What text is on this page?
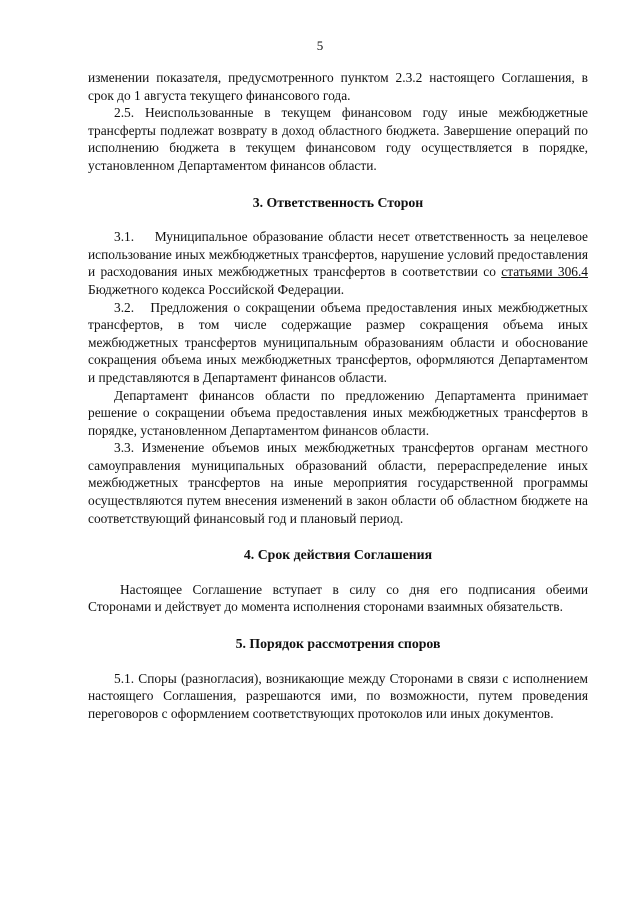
5

изменении показателя, предусмотренного пунктом 2.3.2 настоящего Соглашения, в срок до 1 августа текущего финансового года.

2.5. Неиспользованные в текущем финансовом году иные межбюджетные трансферты подлежат возврату в доход областного бюджета. Завершение операций по исполнению бюджета в текущем финансовом году осуществляется в порядке, установленном Департаментом финансов области.

3. Ответственность Сторон

3.1.    Муниципальное образование области несет ответственность за нецелевое использование иных межбюджетных трансфертов, нарушение условий предоставления и расходования иных межбюджетных трансфертов в соответствии со статьями 306.4 Бюджетного кодекса Российской Федерации.

3.2.   Предложения о сокращении объема предоставления иных межбюджетных трансфертов, в том числе содержащие размер сокращения объема иных межбюджетных трансфертов муниципальным образованиям области и обоснование сокращения объема иных межбюджетных трансфертов, оформляются Департаментом и представляются в Департамент финансов области.

Департамент финансов области по предложению Департамента принимает решение о сокращении объема предоставления иных межбюджетных трансфертов в порядке, установленном Департаментом финансов области.

3.3. Изменение объемов иных межбюджетных трансфертов органам местного самоуправления муниципальных образований области, перераспределение иных межбюджетных трансфертов на иные мероприятия государственной программы осуществляются путем внесения изменений в закон области об областном бюджете на соответствующий финансовый год и плановый период.

4. Срок действия Соглашения

Настоящее Соглашение вступает в силу со дня его подписания обеими Сторонами и действует до момента исполнения сторонами взаимных обязательств.

5. Порядок рассмотрения споров

5.1. Споры (разногласия), возникающие между Сторонами в связи с исполнением настоящего Соглашения, разрешаются ими, по возможности, путем проведения переговоров с оформлением соответствующих протоколов или иных документов.
